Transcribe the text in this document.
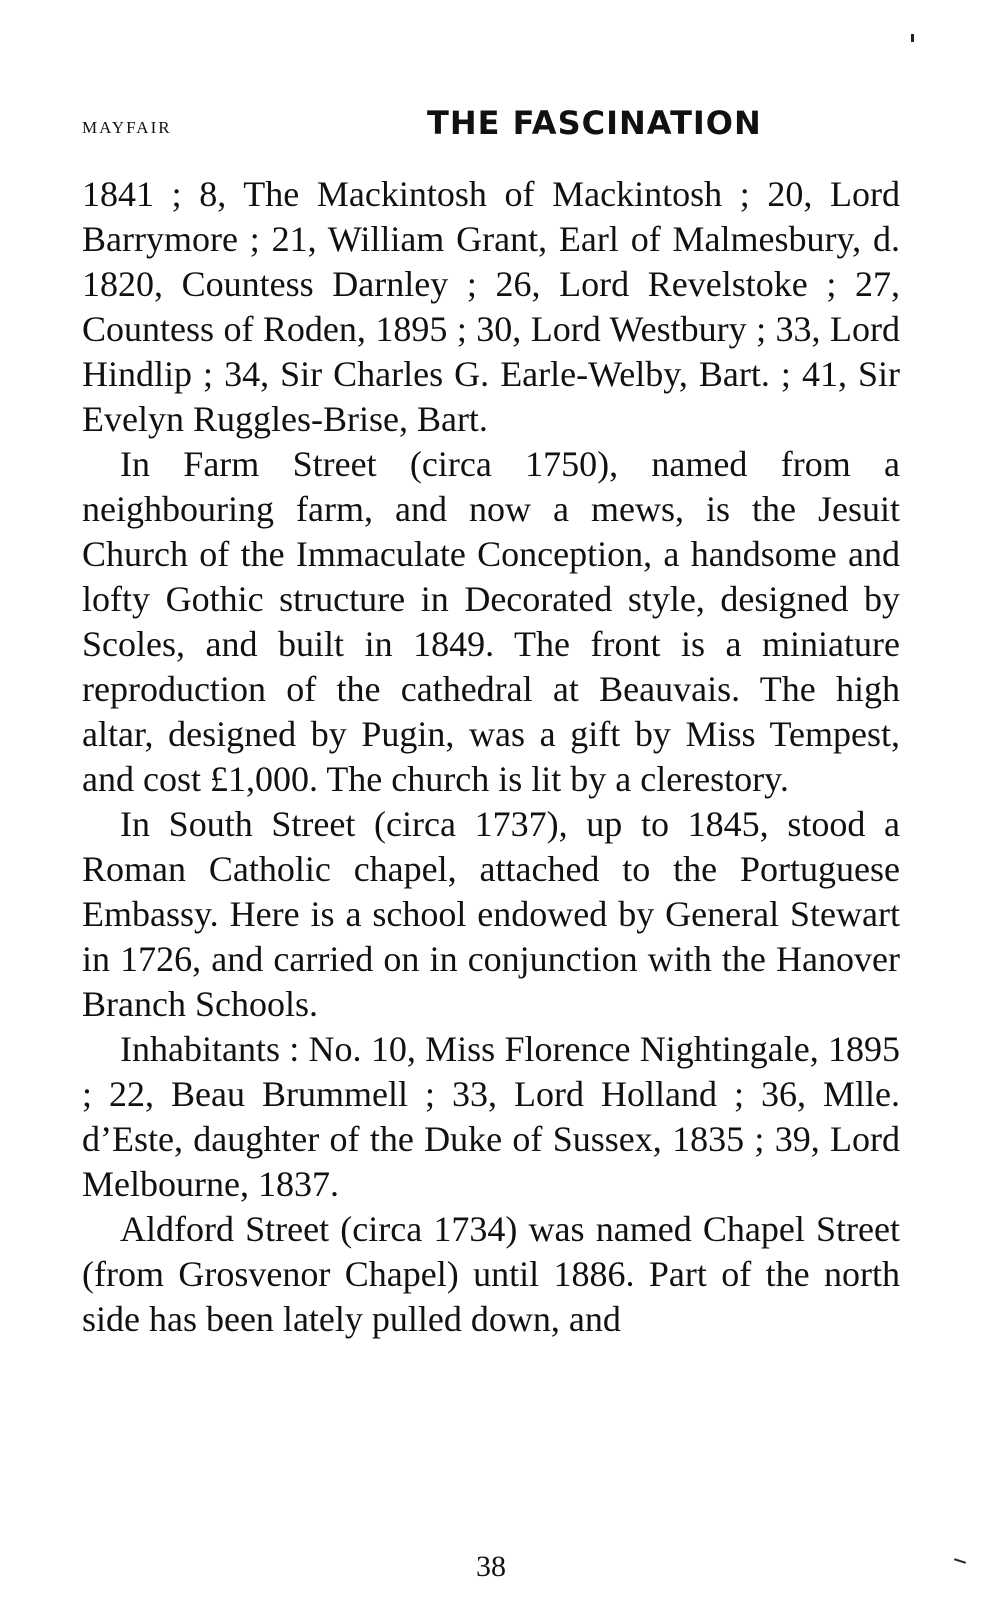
MAYFAIR	THE FASCINATION

1841 ; 8, The Mackintosh of Mackintosh ; 20, Lord Barrymore ; 21, William Grant, Earl of Malmesbury, d. 1820, Countess Darnley ; 26, Lord Revelstoke ; 27, Countess of Roden, 1895 ; 30, Lord Westbury ; 33, Lord Hindlip ; 34, Sir Charles G. Earle-Welby, Bart. ; 41, Sir Evelyn Ruggles-Brise, Bart.

In Farm Street (circa 1750), named from a neighbouring farm, and now a mews, is the Jesuit Church of the Immaculate Conception, a handsome and lofty Gothic structure in Decorated style, designed by Scoles, and built in 1849. The front is a miniature reproduction of the cathedral at Beauvais. The high altar, designed by Pugin, was a gift by Miss Tempest, and cost £1,000. The church is lit by a clerestory.

In South Street (circa 1737), up to 1845, stood a Roman Catholic chapel, attached to the Portuguese Embassy. Here is a school endowed by General Stewart in 1726, and carried on in conjunction with the Hanover Branch Schools.

Inhabitants : No. 10, Miss Florence Nightingale, 1895 ; 22, Beau Brummell ; 33, Lord Holland ; 36, Mlle. d’Este, daughter of the Duke of Sussex, 1835 ; 39, Lord Melbourne, 1837.

Aldford Street (circa 1734) was named Chapel Street (from Grosvenor Chapel) until 1886. Part of the north side has been lately pulled down, and

38
